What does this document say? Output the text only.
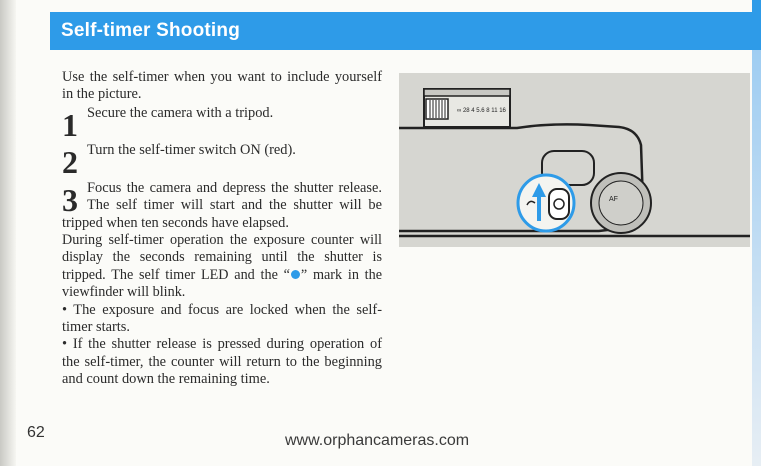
Self-timer Shooting

Use the self-timer when you want to include yourself in the picture.

1 Secure the camera with a tripod.

2 Turn the self-timer switch ON (red).

3 Focus the camera and depress the shutter release. The self timer will start and the shutter will be tripped when ten seconds have elapsed.

During self-timer operation the exposure counter will display the seconds remaining until the shutter is tripped. The self timer LED and the “ ” mark in the viewfinder will blink.

• The exposure and focus are locked when the self-timer starts.

• If the shutter release is pressed during operation of the self-timer, the counter will return to the beginning and count down the remaining time.

∞ 28 4 5.6 8 11 16
AF
62	www.orphancameras.com
